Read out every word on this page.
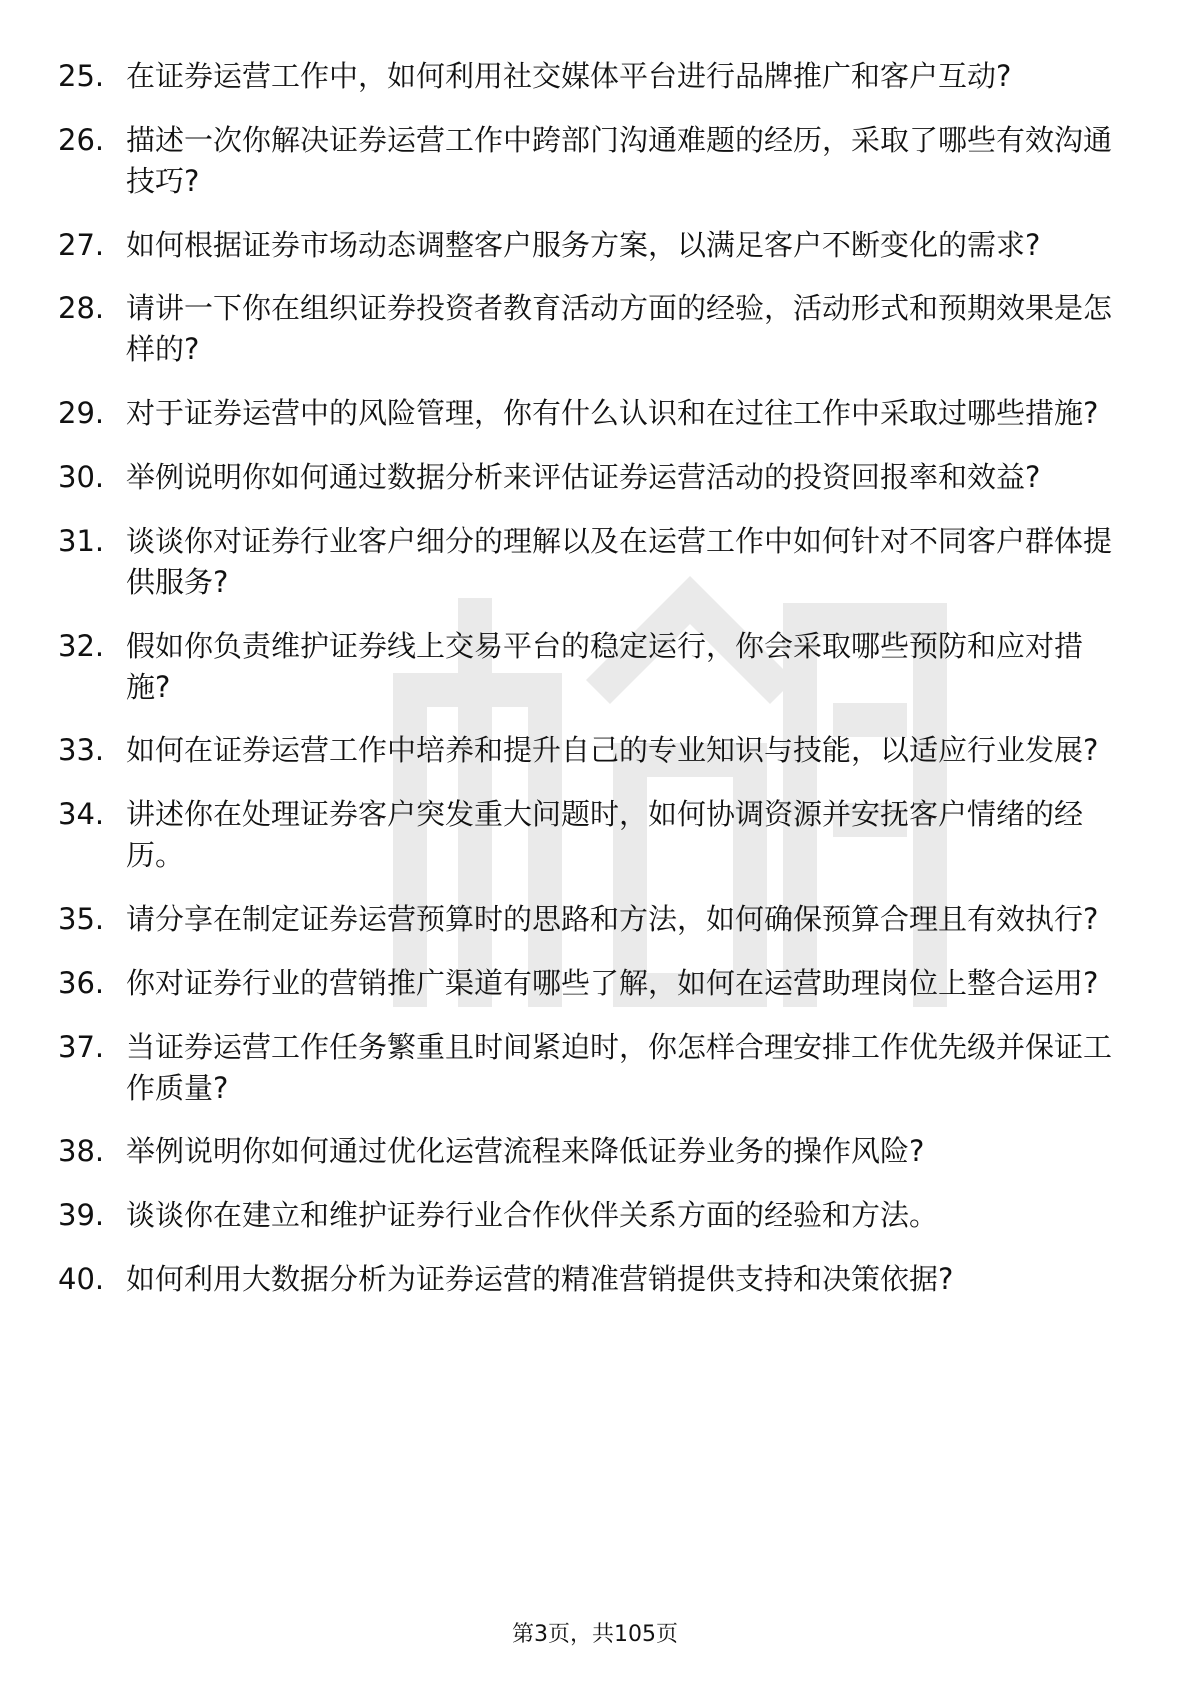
25. 在证券运营工作中，如何利用社交媒体平台进行品牌推广和客户互动?
26. 描述一次你解决证券运营工作中跨部门沟通难题的经历，采取了哪些有效沟通技巧?
27. 如何根据证券市场动态调整客户服务方案，以满足客户不断变化的需求?
28. 请讲一下你在组织证券投资者教育活动方面的经验，活动形式和预期效果是怎样的?
29. 对于证券运营中的风险管理，你有什么认识和在过往工作中采取过哪些措施?
30. 举例说明你如何通过数据分析来评估证券运营活动的投资回报率和效益?
31. 谈谈你对证券行业客户细分的理解以及在运营工作中如何针对不同客户群体提供服务?
32. 假如你负责维护证券线上交易平台的稳定运行，你会采取哪些预防和应对措施?
33. 如何在证券运营工作中培养和提升自己的专业知识与技能，以适应行业发展?
34. 讲述你在处理证券客户突发重大问题时，如何协调资源并安抚客户情绪的经历。
35. 请分享在制定证券运营预算时的思路和方法，如何确保预算合理且有效执行?
36. 你对证券行业的营销推广渠道有哪些了解，如何在运营助理岗位上整合运用?
37. 当证券运营工作任务繁重且时间紧迫时，你怎样合理安排工作优先级并保证工作质量?
38. 举例说明你如何通过优化运营流程来降低证券业务的操作风险?
39. 谈谈你在建立和维护证券行业合作伙伴关系方面的经验和方法。
40. 如何利用大数据分析为证券运营的精准营销提供支持和决策依据?
第3页，共105页
